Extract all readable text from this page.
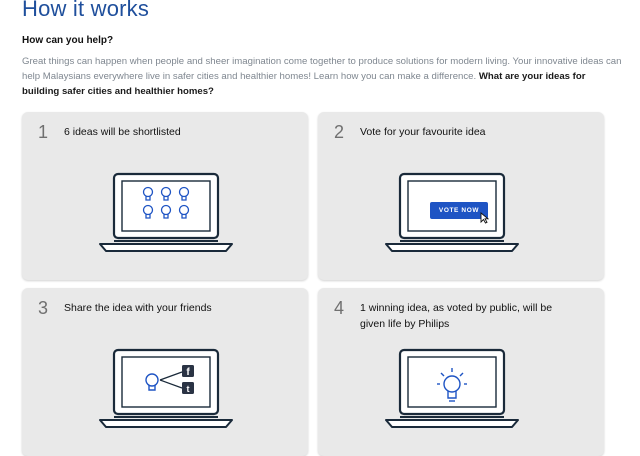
How it works
How can you help?
Great things can happen when people and sheer imagination come together to produce solutions for modern living. Your innovative ideas can help Malaysians everywhere live in safer cities and healthier homes! Learn how you can make a difference. What are your ideas for building safer cities and healthier homes?
1 6 ideas will be shortlisted	2 Vote for your favourite idea
VOTE NOW
3 Share the idea with your friends
f
t
4 1 winning idea, as voted by public, will be given life by Philips
